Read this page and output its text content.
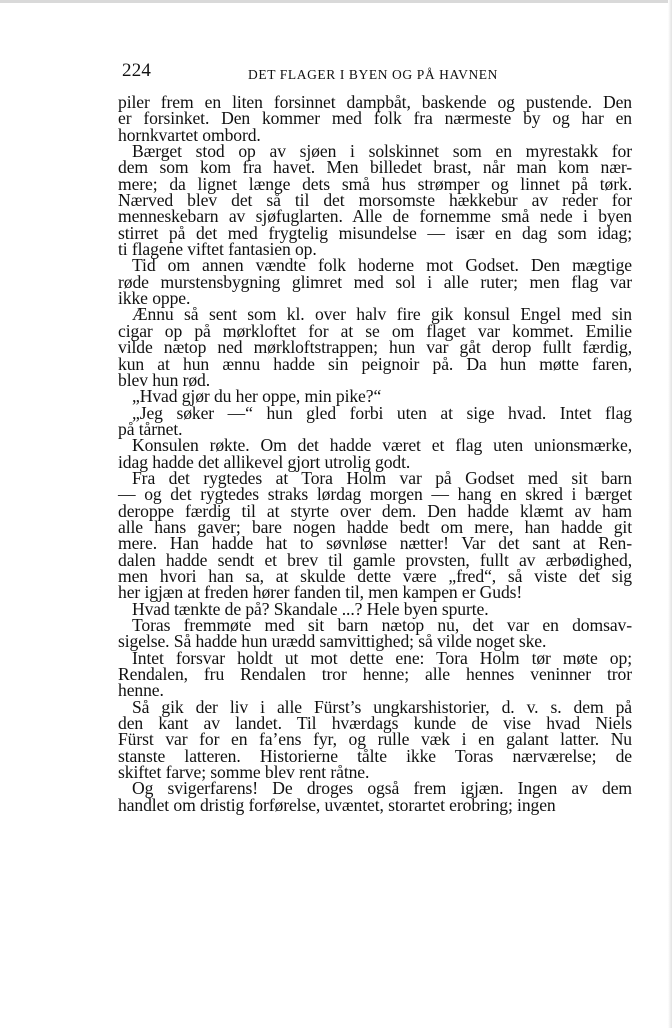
224	DET FLAGER I BYEN OG PÅ HAVNEN

piler frem en liten forsinnet dampbåt, baskende og pustende. Den
er forsinket. Den kommer med folk fra nærmeste by og har en
hornkvartet ombord.

Bærget stod op av sjøen i solskinnet som en myrestakk for
dem som kom fra havet. Men billedet brast, når man kom nær-
mere; da lignet længe dets små hus strømper og linnet på tørk.
Nærved blev det så til det morsomste hækkebur av reder for
menneskebarn av sjøfuglarten. Alle de fornemme små nede i byen
stirret på det med frygtelig misundelse — især en dag som idag;
ti flagene viftet fantasien op.

Tid om annen vændte folk hoderne mot Godset. Den mægtige
røde murstensbygning glimret med sol i alle ruter; men flag var
ikke oppe.

Ænnu så sent som kl. over halv fire gik konsul Engel med sin
cigar op på mørkloftet for at se om flaget var kommet. Emilie
vilde nætop ned mørkloftstrappen; hun var gåt derop fullt færdig,
kun at hun ænnu hadde sin peignoir på. Da hun møtte faren,
blev hun rød.

„Hvad gjør du her oppe, min pike?“

„Jeg søker —“ hun gled forbi uten at sige hvad. Intet flag
på tårnet.

Konsulen røkte. Om det hadde været et flag uten unionsmærke,
idag hadde det allikevel gjort utrolig godt.

Fra det rygtedes at Tora Holm var på Godset med sit barn
— og det rygtedes straks lørdag morgen — hang en skred i bærget
deroppe færdig til at styrte over dem. Den hadde klæmt av ham
alle hans gaver; bare nogen hadde bedt om mere, han hadde git
mere. Han hadde hat to søvnløse nætter! Var det sant at Ren-
dalen hadde sendt et brev til gamle provsten, fullt av ærbødighed,
men hvori han sa, at skulde dette være „fred“, så viste det sig
her igjæn at freden hører fanden til, men kampen er Guds!

Hvad tænkte de på? Skandale ...? Hele byen spurte.

Toras fremmøte med sit barn nætop nu, det var en domsav-
sigelse. Så hadde hun urædd samvittighed; så vilde noget ske.

Intet forsvar holdt ut mot dette ene: Tora Holm tør møte op;
Rendalen, fru Rendalen tror henne; alle hennes veninner tror
henne.

Så gik der liv i alle Fürst’s ungkarshistorier, d. v. s. dem på
den kant av landet. Til hværdags kunde de vise hvad Niels
Fürst var for en fa’ens fyr, og rulle væk i en galant latter. Nu
stanste latteren. Historierne tålte ikke Toras nærværelse; de
skiftet farve; somme blev rent råtne.

Og svigerfarens! De droges også frem igjæn. Ingen av dem
handlet om dristig forførelse, uvæntet, storartet erobring; ingen
